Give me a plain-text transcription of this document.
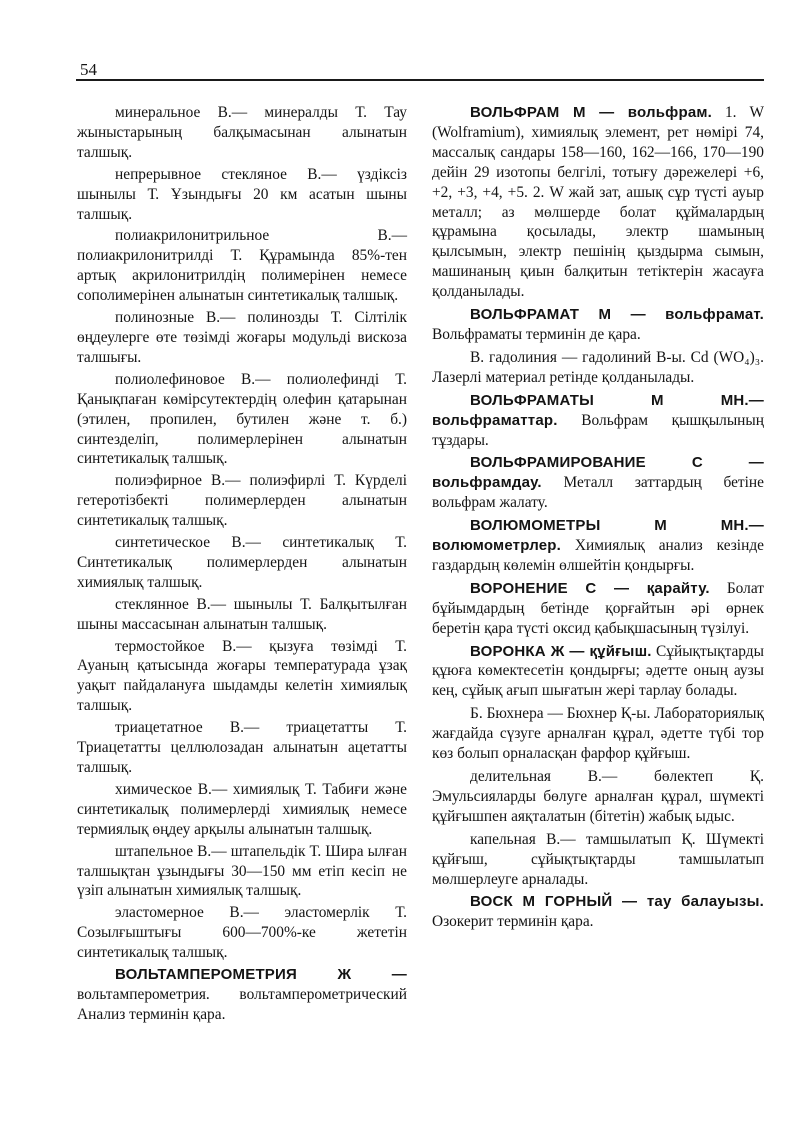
54

минеральное В.— минералды Т. Тау жыныстарының балқымасынан алынатын талшық.

непрерывное стекляное В.— үздіксіз шынылы Т. Ұзындығы 20 км асатын шыны талшық.

полиакрилонитрильное В.— полиакрилонитрилді Т. Құрамында 85%-тен артық акрилонитрилдің полимерінен немесе сополимерінен алынатын синтетикалық талшық.

полинозные В.— полинозды Т. Сілтілік өңдеулерге өте төзімді жоғары модульді вискоза талшығы.

полиолефиновое В.— полиолефинді Т. Қанықпаған көмірсутектердің олефин қатарынан (этилен, пропилен, бутилен және т. б.) синтезделіп, полимерлерінен алынатын синтетикалық талшық.

полиэфирное В.— полиэфирлі Т. Күрделі гетеротізбекті полимерлерден алынатын синтетикалық талшық.

синтетическое В.— синтетикалық Т. Синтетикалық полимерлерден алынатын химиялық талшық.

стеклянное В.— шынылы Т. Балқытылған шыны массасынан алынатын талшық.

термостойкое В.— қызуға төзімді Т. Ауаның қатысында жоғары температурада ұзақ уақыт пайдалануға шыдамды келетін химиялық талшық.

триацетатное В.— триацетатты Т. Триацетатты целлюлозадан алынатын ацетатты талшық.

химическое В.— химиялық Т. Табиғи және синтетикалық полимерлерді химиялық немесе термиялық өңдеу арқылы алынатын талшық.

штапельное В.— штапельдік Т. Шира ылған талшықтан ұзындығы 30—150 мм етіп кесіп не үзіп алынатын химиялық талшық.

эластомерное В.— эластомерлік Т. Созылғыштығы 600—700%-ке жететін синтетикалық талшық.

ВОЛЬТАМПЕРОМЕТРИЯ Ж — вольтамперометрия. вольтамперометрический Анализ терминін қара.

ВОЛЬФРАМ М — вольфрам. 1. W (Wolframium), химиялық элемент, рет нөмірі 74, массалық сандары 158—160, 162—166, 170—190 дейін 29 изотопы белгілі, тотығу дәрежелері +6, +2, +3, +4, +5. 2. W жай зат, ашық сұр түсті ауыр металл; аз мөлшерде болат құймалардың құрамына қосылады, электр шамының қылсымын, электр пешінің қыздырма сымын, машинаның қиын балқитын тетіктерін жасауға қолданылады.

ВОЛЬФРАМАТ М — вольфрамат. Вольфраматы терминін де қара.

В. гадолиния — гадолиний В-ы. Cd (WO₄)₃. Лазерлі материал ретінде қолданылады.

ВОЛЬФРАМАТЫ М МН.— вольфраматтар. Вольфрам қышқылының тұздары.

ВОЛЬФРАМИРОВАНИЕ С — вольфрамдау. Металл заттардың бетіне вольфрам жалату.

ВОЛЮМОМЕТРЫ М МН.— волюмометрлер. Химиялық анализ кезінде газдардың көлемін өлшейтін қондырғы.

ВОРОНЕНИЕ С — қарайту. Болат бұйымдардың бетінде қорғайтын әрі өрнек беретін қара түсті оксид қабықшасының түзілуі.

ВОРОНКА Ж — құйғыш. Сұйықтықтарды құюға көмектесетін қондырғы; әдетте оның аузы кең, сұйық ағып шығатын жері тарлау болады.

Б. Бюхнера — Бюхнер Қ-ы. Лабораториялық жағдайда сүзуге арналған құрал, әдетте түбі тор көз болып орналасқан фарфор құйғыш.

делительная В.— бөлектеп Қ. Эмульсияларды бөлуге арналған құрал, шүмекті құйғышпен аяқталатын (бітетін) жабық ыдыс.

капельная В.— тамшылатып Қ. Шүмекті құйғыш, сұйықтықтарды тамшылатып мөлшерлеуге арналады.

ВОСК М ГОРНЫЙ — тау балауызы. Озокерит терминін қара.
